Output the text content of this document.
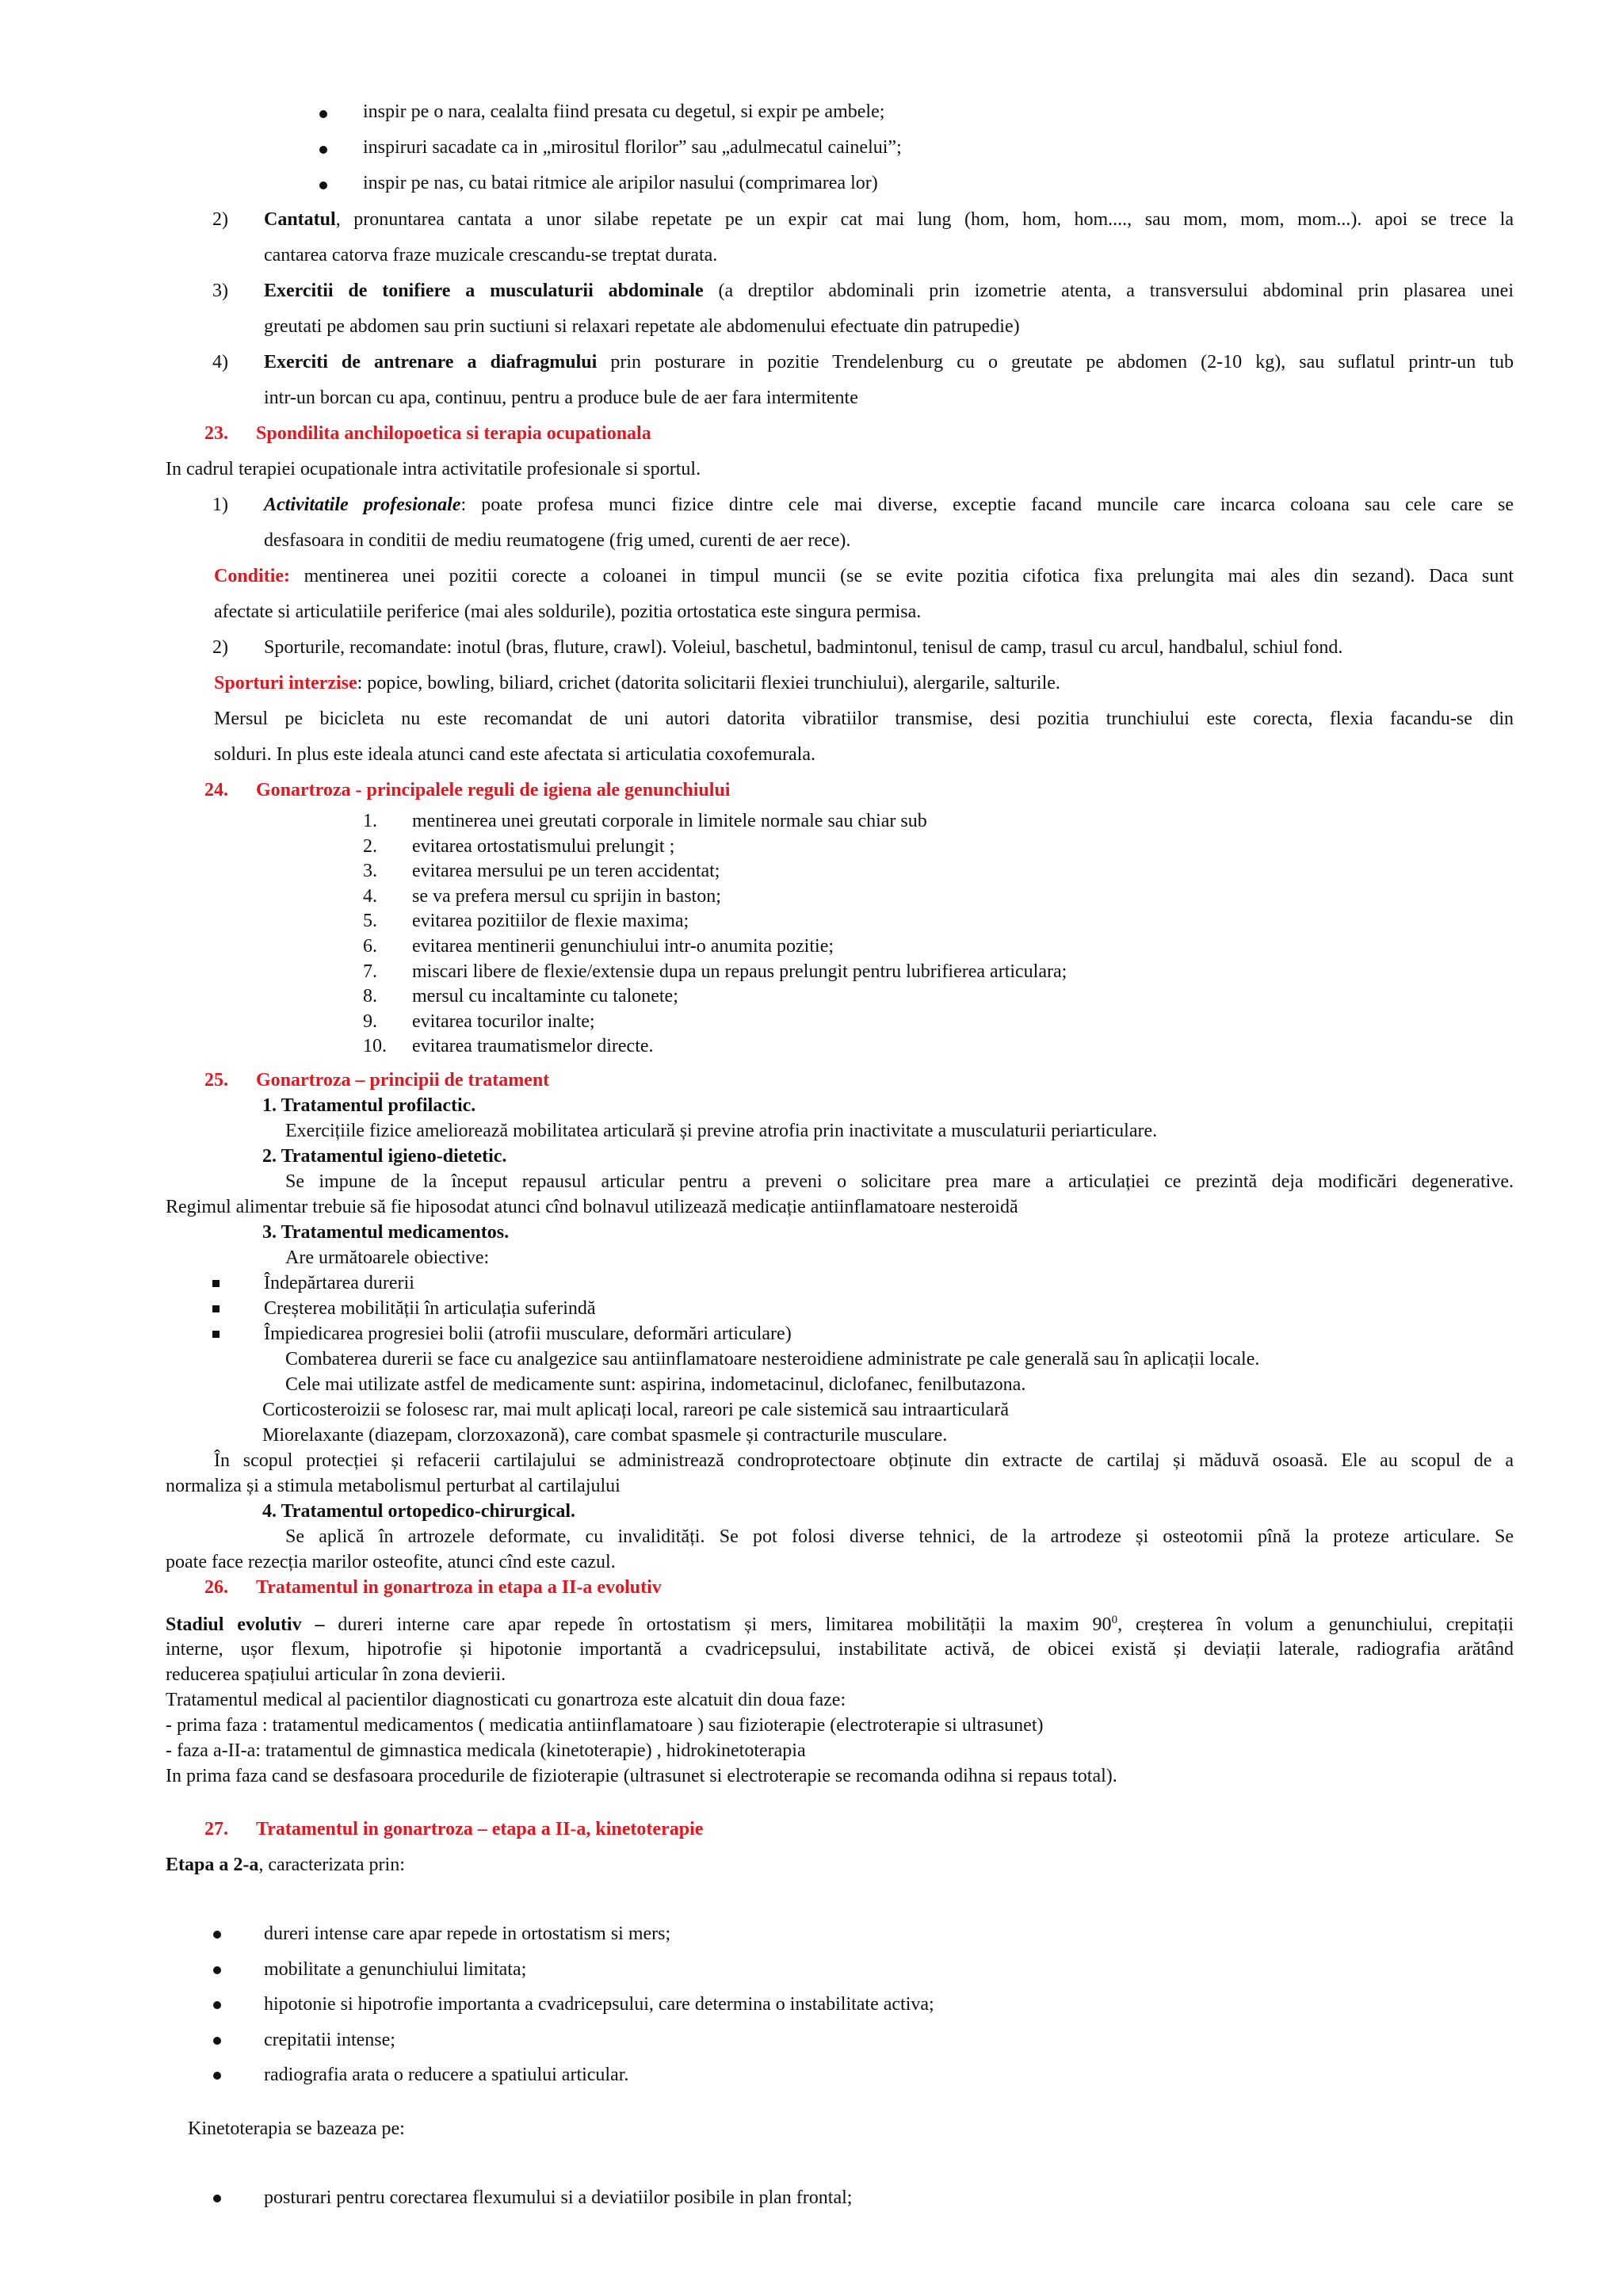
inspir pe o nara, cealalta fiind presata cu degetul, si expir pe ambele;
inspiruri sacadate ca in „mirositul florilor” sau „adulmecatul cainelui”;
inspir pe nas, cu batai ritmice ale aripilor nasului (comprimarea lor)
2) Cantatul, pronuntarea cantata a unor silabe repetate pe un expir cat mai lung (hom, hom, hom...., sau mom, mom, mom...). apoi se trece la
cantarea catorva fraze muzicale crescandu-se treptat durata.
3) Exercitii de tonifiere a musculaturii abdominale (a dreptilor abdominali prin izometrie atenta, a transversului abdominal prin plasarea unei
greutati pe abdomen sau prin suctiuni si relaxari repetate ale abdomenului efectuate din patrupedie)
4) Exerciti de antrenare a diafragmului prin posturare in pozitie Trendelenburg cu o greutate pe abdomen (2-10 kg), sau suflatul printr-un tub
intr-un borcan cu apa, continuu, pentru a produce bule de aer fara intermitente
23. Spondilita anchilopoetica si terapia ocupationala
In cadrul terapiei ocupationale intra activitatile profesionale si sportul.
1) Activitatile profesionale: poate profesa munci fizice dintre cele mai diverse, exceptie facand muncile care incarca coloana sau cele care se
desfasoara in conditii de mediu reumatogene (frig umed, curenti de aer rece).
Conditie: mentinerea unei pozitii corecte a coloanei in timpul muncii (se se evite pozitia cifotica fixa prelungita mai ales din sezand). Daca sunt
afectate si articulatiile periferice (mai ales soldurile), pozitia ortostatica este singura permisa.
2) Sporturile, recomandate: inotul (bras, fluture, crawl). Voleiul, baschetul, badmintonul, tenisul de camp, trasul cu arcul, handbalul, schiul fond.
Sporturi interzise: popice, bowling, biliard, crichet (datorita solicitarii flexiei trunchiului), alergarile, salturile.
Mersul pe bicicleta nu este recomandat de uni autori datorita vibratiilor transmise, desi pozitia trunchiului este corecta, flexia facandu-se din
solduri. In plus este ideala atunci cand este afectata si articulatia coxofemurala.
24. Gonartroza - principalele reguli de igiena ale genunchiului
1. mentinerea unei greutati corporale in limitele normale sau chiar sub
2. evitarea ortostatismului prelungit ;
3. evitarea mersului pe un teren accidentat;
4. se va prefera mersul cu sprijin in baston;
5. evitarea pozitiilor de flexie maxima;
6. evitarea mentinerii genunchiului intr-o anumita pozitie;
7. miscari libere de flexie/extensie dupa un repaus prelungit pentru lubrifierea articulara;
8. mersul cu incaltaminte cu talonete;
9. evitarea tocurilor inalte;
10. evitarea traumatismelor directe.
25. Gonartroza – principii de tratament
1. Tratamentul profilactic.
Exercițiile fizice ameliorează mobilitatea articulară și previne atrofia prin inactivitate a musculaturii periarticulare.
2. Tratamentul igieno-dietetic.
Se impune de la început repausul articular pentru a preveni o solicitare prea mare a articulației ce prezintă deja modificări degenerative.
Regimul alimentar trebuie să fie hiposodat atunci cînd bolnavul utilizează medicație antiinflamatoare nesteroidă
3. Tratamentul medicamentos.
Are următoarele obiective:
Îndepărtarea durerii
Creșterea mobilității în articulația suferindă
Împiedicarea progresiei bolii (atrofii musculare, deformări articulare)
Combaterea durerii se face cu analgezice sau antiinflamatoare nesteroidiene administrate pe cale generală sau în aplicații locale.
Cele mai utilizate astfel de medicamente sunt: aspirina, indometacinul, diclofanec, fenilbutazona.
Corticosteroizii se folosesc rar, mai mult aplicați local, rareori pe cale sistemică sau intraarticulară
Miorelaxante (diazepam, clorzoxazonă), care combat spasmele și contracturile musculare.
În scopul protecției și refacerii cartilajului se administrează condroprotectoare obținute din extracte de cartilaj și măduvă osoasă. Ele au scopul de a
normaliza și a stimula metabolismul perturbat al cartilajului
4. Tratamentul ortopedico-chirurgical.
Se aplică în artrozele deformate, cu invalidități. Se pot folosi diverse tehnici, de la artrodeze și osteotomii pînă la proteze articulare. Se
poate face rezecția marilor osteofite, atunci cînd este cazul.
26. Tratamentul in gonartroza in etapa a II-a evolutiv
Stadiul evolutiv – dureri interne care apar repede în ortostatism și mers, limitarea mobilității la maxim $90^0$, creșterea în volum a genunchiului, crepitații
interne, ușor flexum, hipotrofie și hipotonie importantă a cvadricepsului, instabilitate activă, de obicei există și deviații laterale, radiografia arătând
reducerea spațiului articular în zona devierii.
Tratamentul medical al pacientilor diagnosticati cu gonartroza este alcatuit din doua faze:
- prima faza : tratamentul medicamentos ( medicatia antiinflamatoare ) sau fizioterapie (electroterapie si ultrasunet)
- faza a-II-a: tratamentul de gimnastica medicala (kinetoterapie) , hidrokinetoterapia
In prima faza cand se desfasoara procedurile de fizioterapie (ultrasunet si electroterapie se recomanda odihna si repaus total).
27. Tratamentul in gonartroza – etapa a II-a, kinetoterapie
Etapa a 2-a, caracterizata prin:
dureri intense care apar repede in ortostatism si mers;
mobilitate a genunchiului limitata;
hipotonie si hipotrofie importanta a cvadricepsului, care determina o instabilitate activa;
crepitatii intense;
radiografia arata o reducere a spatiului articular.
Kinetoterapia se bazeaza pe:
posturari pentru corectarea flexumului si a deviatiilor posibile in plan frontal;
